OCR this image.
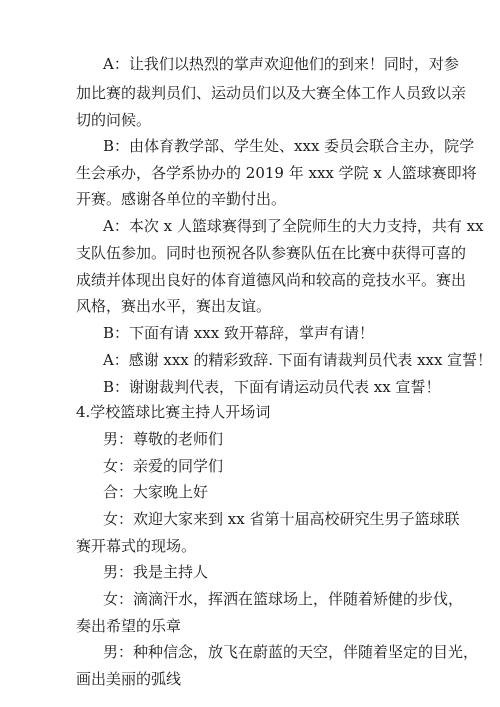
A：让我们以热烈的掌声欢迎他们的到来！同时，对参
加比赛的裁判员们、运动员们以及大赛全体工作人员致以亲
切的问候。
B：由体育教学部、学生处、xxx 委员会联合主办，院学
生会承办，各学系协办的 2019 年 xxx 学院 x 人篮球赛即将
开赛。感谢各单位的辛勤付出。
A：本次 x 人篮球赛得到了全院师生的大力支持，共有 xx
支队伍参加。同时也预祝各队参赛队伍在比赛中获得可喜的
成绩并体现出良好的体育道德风尚和较高的竞技水平。赛出
风格，赛出水平，赛出友谊。
B：下面有请 xxx 致开幕辞，掌声有请！
A：感谢 xxx 的精彩致辞. 下面有请裁判员代表 xxx 宣誓！
B：谢谢裁判代表，下面有请运动员代表 xx 宣誓！
4.学校篮球比赛主持人开场词
男：尊敬的老师们
女：亲爱的同学们
合：大家晚上好
女：欢迎大家来到 xx 省第十届高校研究生男子篮球联
赛开幕式的现场。
男：我是主持人
女：滴滴汗水，挥洒在篮球场上，伴随着矫健的步伐，
奏出希望的乐章
男：种种信念，放飞在蔚蓝的天空，伴随着坚定的目光，
画出美丽的弧线
